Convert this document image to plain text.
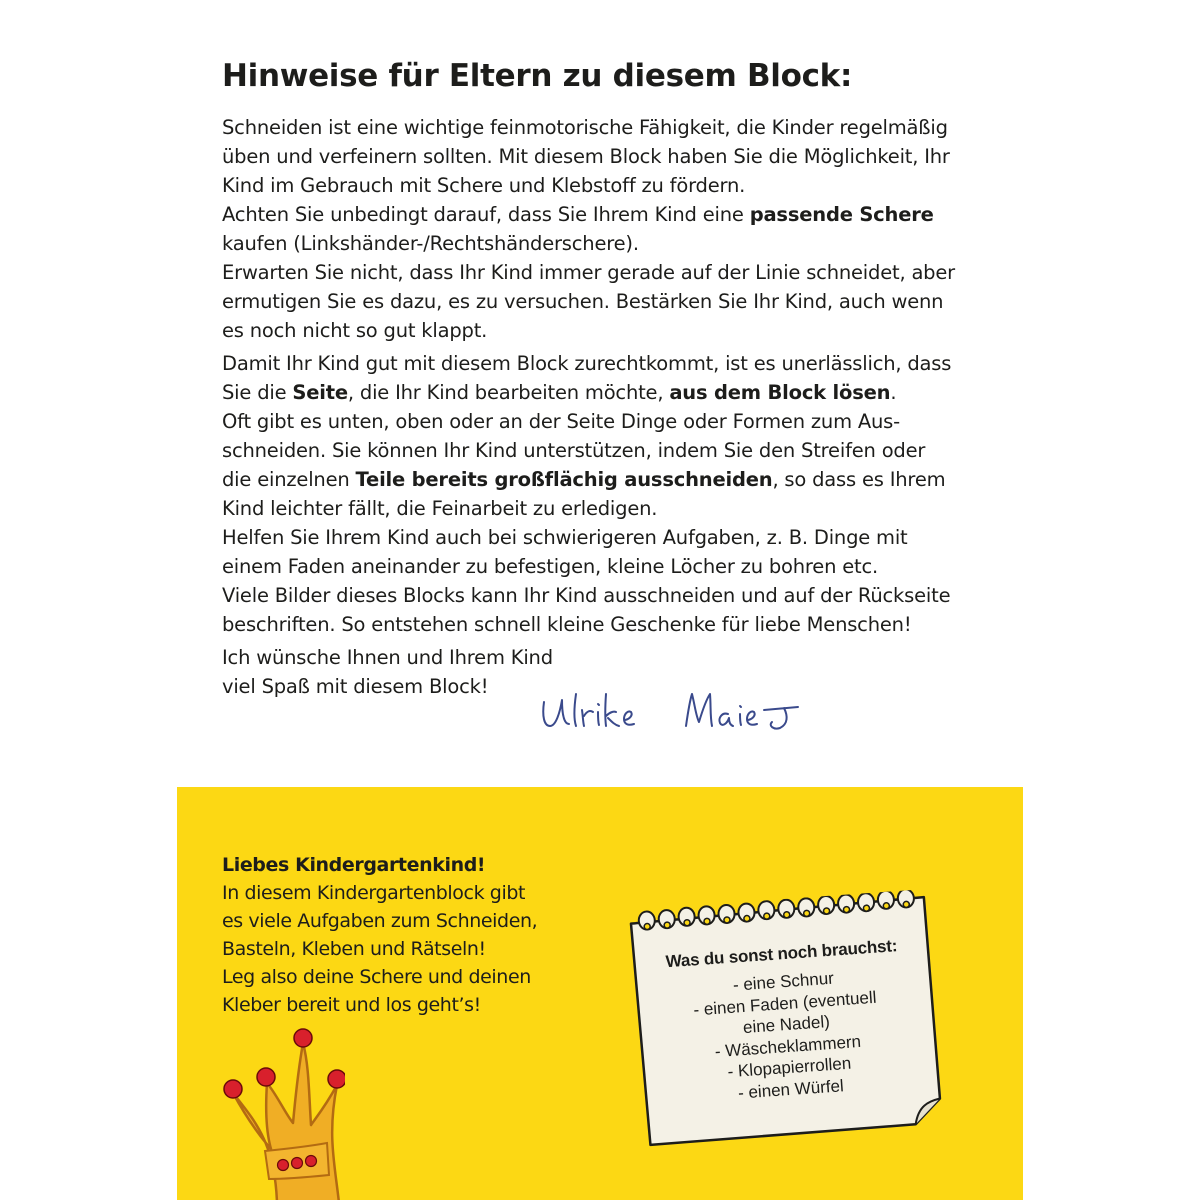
Hinweise für Eltern zu diesem Block:
Schneiden ist eine wichtige feinmotorische Fähigkeit, die Kinder regelmäßig
üben und verfeinern sollten. Mit diesem Block haben Sie die Möglichkeit, Ihr
Kind im Gebrauch mit Schere und Klebstoff zu fördern.
Achten Sie unbedingt darauf, dass Sie Ihrem Kind eine passende Schere
kaufen (Linkshänder-/Rechtshänderschere).
Erwarten Sie nicht, dass Ihr Kind immer gerade auf der Linie schneidet, aber
ermutigen Sie es dazu, es zu versuchen. Bestärken Sie Ihr Kind, auch wenn
es noch nicht so gut klappt.
Damit Ihr Kind gut mit diesem Block zurechtkommt, ist es unerlässlich, dass
Sie die Seite, die Ihr Kind bearbeiten möchte, aus dem Block lösen.
Oft gibt es unten, oben oder an der Seite Dinge oder Formen zum Aus-
schneiden. Sie können Ihr Kind unterstützen, indem Sie den Streifen oder
die einzelnen Teile bereits großflächig ausschneiden, so dass es Ihrem
Kind leichter fällt, die Feinarbeit zu erledigen.
Helfen Sie Ihrem Kind auch bei schwierigeren Aufgaben, z. B. Dinge mit
einem Faden aneinander zu befestigen, kleine Löcher zu bohren etc.
Viele Bilder dieses Blocks kann Ihr Kind ausschneiden und auf der Rückseite
beschriften. So entstehen schnell kleine Geschenke für liebe Menschen!
Ich wünsche Ihnen und Ihrem Kind
viel Spaß mit diesem Block!
Liebes Kindergartenkind!
In diesem Kindergartenblock gibt
es viele Aufgaben zum Schneiden,
Basteln, Kleben und Rätseln!
Leg also deine Schere und deinen
Kleber bereit und los geht’s!
Was du sonst noch brauchst:
- eine Schnur
- einen Faden (eventuell
eine Nadel)
- Wäscheklammern
- Klopapierrollen
- einen Würfel
